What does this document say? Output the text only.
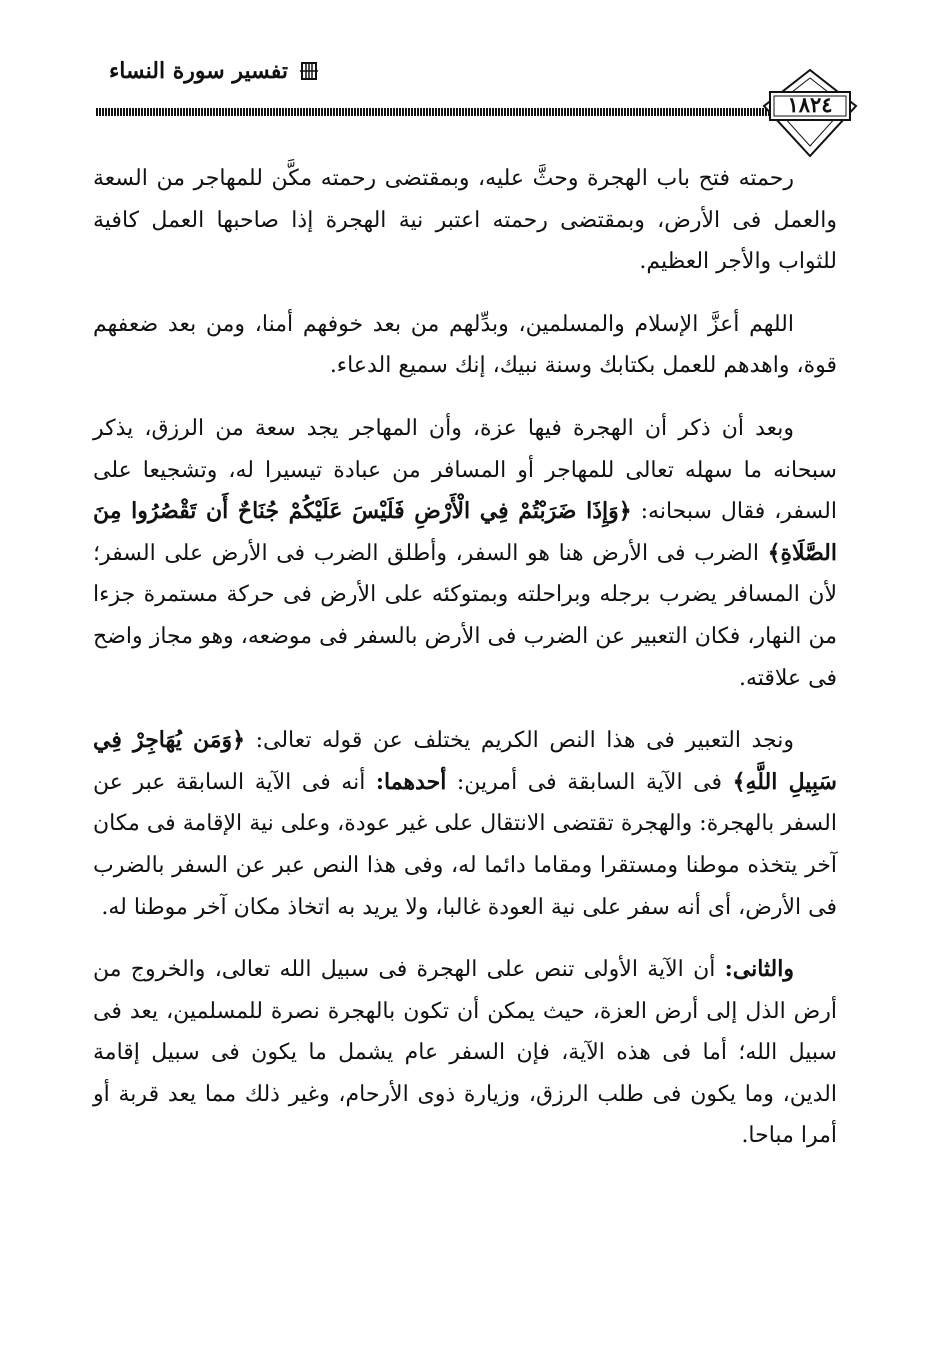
تفسير سورة النساء
١٨٢٤

رحمته فتح باب الهجرة وحثَّ عليه، وبمقتضى رحمته مكَّن للمهاجر من السعة والعمل فى الأرض، وبمقتضى رحمته اعتبر نية الهجرة إذا صاحبها العمل كافية للثواب والأجر العظيم.

اللهم أعزَّ الإسلام والمسلمين، وبدِّلهم من بعد خوفهم أمنا، ومن بعد ضعفهم قوة، واهدهم للعمل بكتابك وسنة نبيك، إنك سميع الدعاء.

وبعد أن ذكر أن الهجرة فيها عزة، وأن المهاجر يجد سعة من الرزق، يذكر سبحانه ما سهله تعالى للمهاجر أو المسافر من عبادة تيسيرا له، وتشجيعا على السفر، فقال سبحانه: ﴿وَإِذَا ضَرَبْتُمْ فِي الْأَرْضِ فَلَيْسَ عَلَيْكُمْ جُنَاحٌ أَن تَقْصُرُوا مِنَ الصَّلَاةِ﴾ الضرب فى الأرض هنا هو السفر، وأطلق الضرب فى الأرض على السفر؛ لأن المسافر يضرب برجله وبراحلته وبمتوكئه على الأرض فى حركة مستمرة جزءا من النهار، فكان التعبير عن الضرب فى الأرض بالسفر فى موضعه، وهو مجاز واضح فى علاقته.

ونجد التعبير فى هذا النص الكريم يختلف عن قوله تعالى: ﴿وَمَن يُهَاجِرْ فِي سَبِيلِ اللَّهِ﴾ فى الآية السابقة فى أمرين: أحدهما: أنه فى الآية السابقة عبر عن السفر بالهجرة: والهجرة تقتضى الانتقال على غير عودة، وعلى نية الإقامة فى مكان آخر يتخذه موطنا ومستقرا ومقاما دائما له، وفى هذا النص عبر عن السفر بالضرب فى الأرض، أى أنه سفر على نية العودة غالبا، ولا يريد به اتخاذ مكان آخر موطنا له.

والثانى: أن الآية الأولى تنص على الهجرة فى سبيل الله تعالى، والخروج من أرض الذل إلى أرض العزة، حيث يمكن أن تكون بالهجرة نصرة للمسلمين، يعد فى سبيل الله؛ أما فى هذه الآية، فإن السفر عام يشمل ما يكون فى سبيل إقامة الدين، وما يكون فى طلب الرزق، وزيارة ذوى الأرحام، وغير ذلك مما يعد قربة أو أمرا مباحا.
